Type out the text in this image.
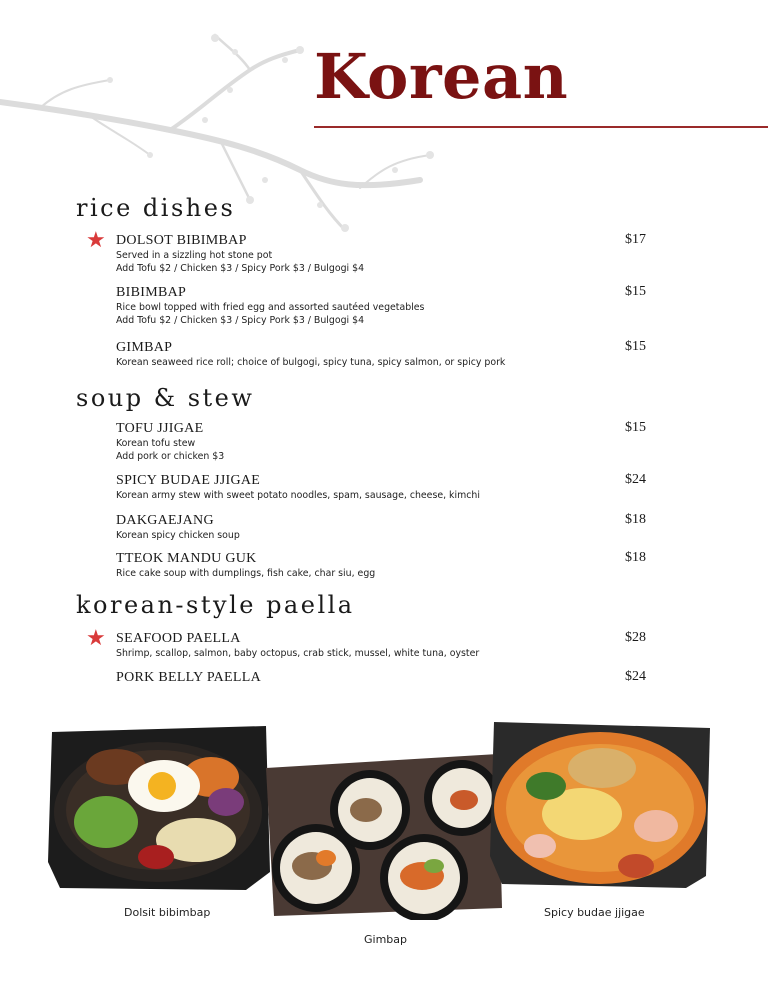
Korean
rice dishes
★ DOLSOT BIBIMBAP
Served in a sizzling hot stone pot
Add Tofu $2 / Chicken $3 / Spicy Pork $3 / Bulgogi $4
$17
BIBIMBAP
Rice bowl topped with fried egg and assorted sautéed vegetables
Add Tofu $2 / Chicken $3 / Spicy Pork $3 / Bulgogi $4
$15
GIMBAP
Korean seaweed rice roll; choice of bulgogi, spicy tuna, spicy salmon, or spicy pork
$15
soup & stew
TOFU JJIGAE
Korean tofu stew
Add pork or chicken $3
$15
SPICY BUDAE JJIGAE
Korean army stew with sweet potato noodles, spam, sausage, cheese, kimchi
$24
DAKGAEJANG
Korean spicy chicken soup
$18
TTEOK MANDU GUK
Rice cake soup with dumplings, fish cake, char siu, egg
$18
korean-style paella
★ SEAFOOD PAELLA
Shrimp, scallop, salmon, baby octopus, crab stick, mussel, white tuna, oyster
$28
PORK BELLY PAELLA	$24
Dolsit bibimbap
Gimbap
Spicy budae jjigae
